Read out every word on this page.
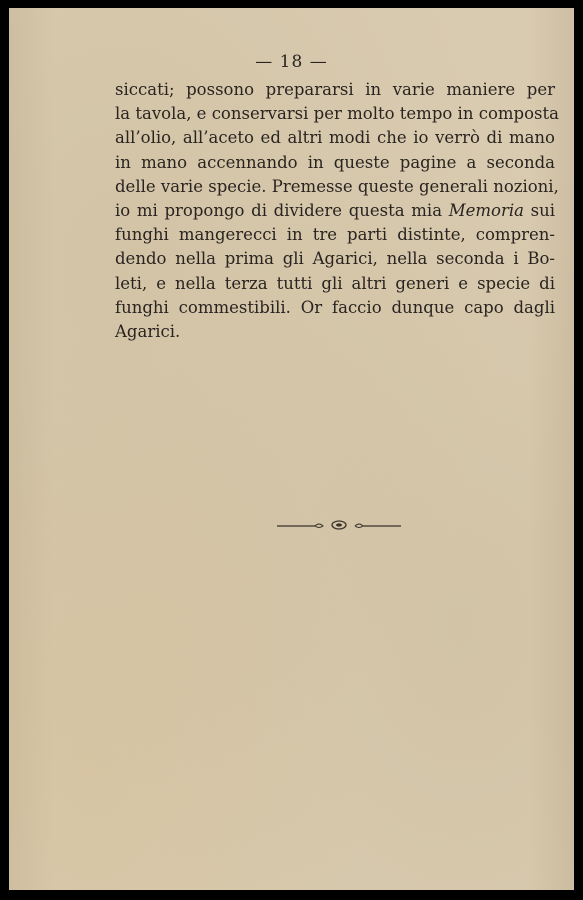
— 18 —
siccati; possono prepararsi in varie maniere per
la tavola, e conservarsi per molto tempo in composta
all’olio, all’aceto ed altri modi che io verrò di mano
in mano accennando in queste pagine a seconda
delle varie specie. Premesse queste generali nozioni,
io mi propongo di dividere questa mia Memoria sui
funghi mangerecci in tre parti distinte, compren-
dendo nella prima gli Agarici, nella seconda i Bo-
leti, e nella terza tutti gli altri generi e specie di
funghi commestibili. Or faccio dunque capo dagli
Agarici.
